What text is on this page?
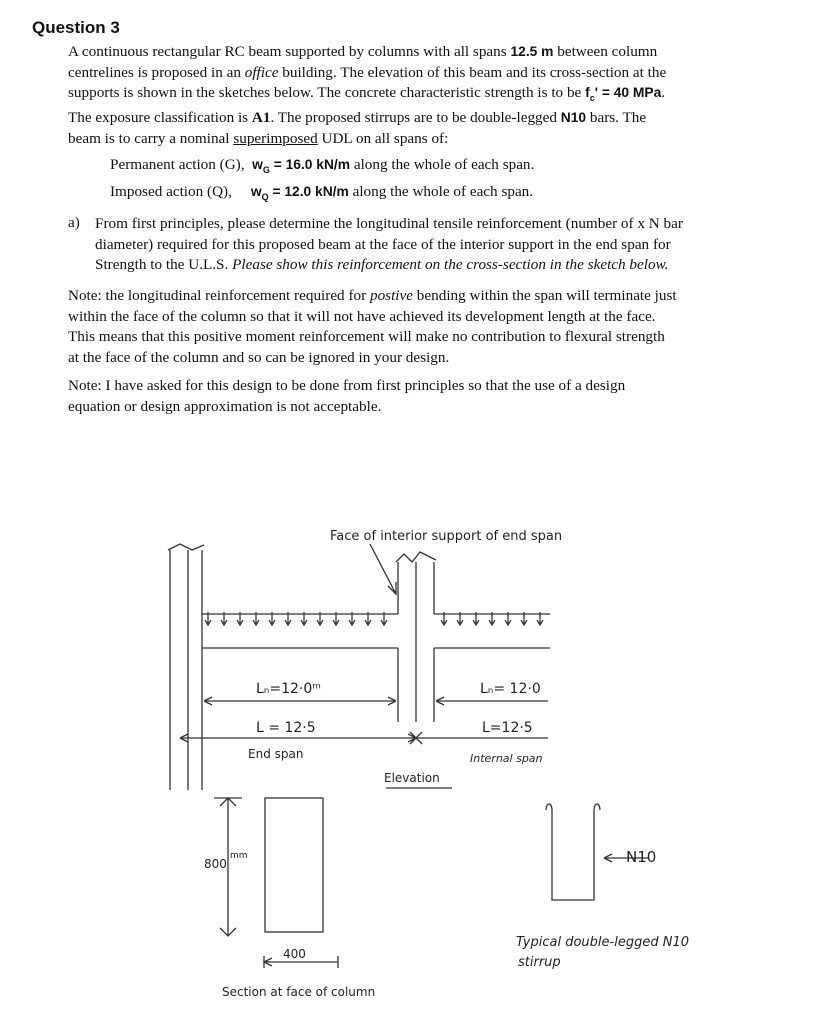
Question 3
A continuous rectangular RC beam supported by columns with all spans 12.5 m between column
centrelines is proposed in an office building. The elevation of this beam and its cross-section at the
supports is shown in the sketches below. The concrete characteristic strength is to be $f_c' = 40$ MPa.
The exposure classification is A1. The proposed stirrups are to be double-legged N10 bars. The
beam is to carry a nominal superimposed UDL on all spans of:
Permanent action (G),  $w_G = 16.0$ kN/m along the whole of each span.
Imposed action (Q),     $w_Q = 12.0$ kN/m along the whole of each span.
a) From first principles, please determine the longitudinal tensile reinforcement (number of x N bar
diameter) required for this proposed beam at the face of the interior support in the end span for
Strength to the U.L.S. Please show this reinforcement on the cross-section in the sketch below.
Note: the longitudinal reinforcement required for postive bending within the span will terminate just
within the face of the column so that it will not have achieved its development length at the face.
This means that this positive moment reinforcement will make no contribution to flexural strength
at the face of the column and so can be ignored in your design.
Note: I have asked for this design to be done from first principles so that the use of a design
equation or design approximation is not acceptable.
Face of interior support of end span
Lₙ=12·0ᵐ	Lₙ= 12·0
L = 12·5	L=12·5
End span	Internal span
Elevation
800
mm
400
Section at face of column
N10
Typical double-legged N10
stirrup
